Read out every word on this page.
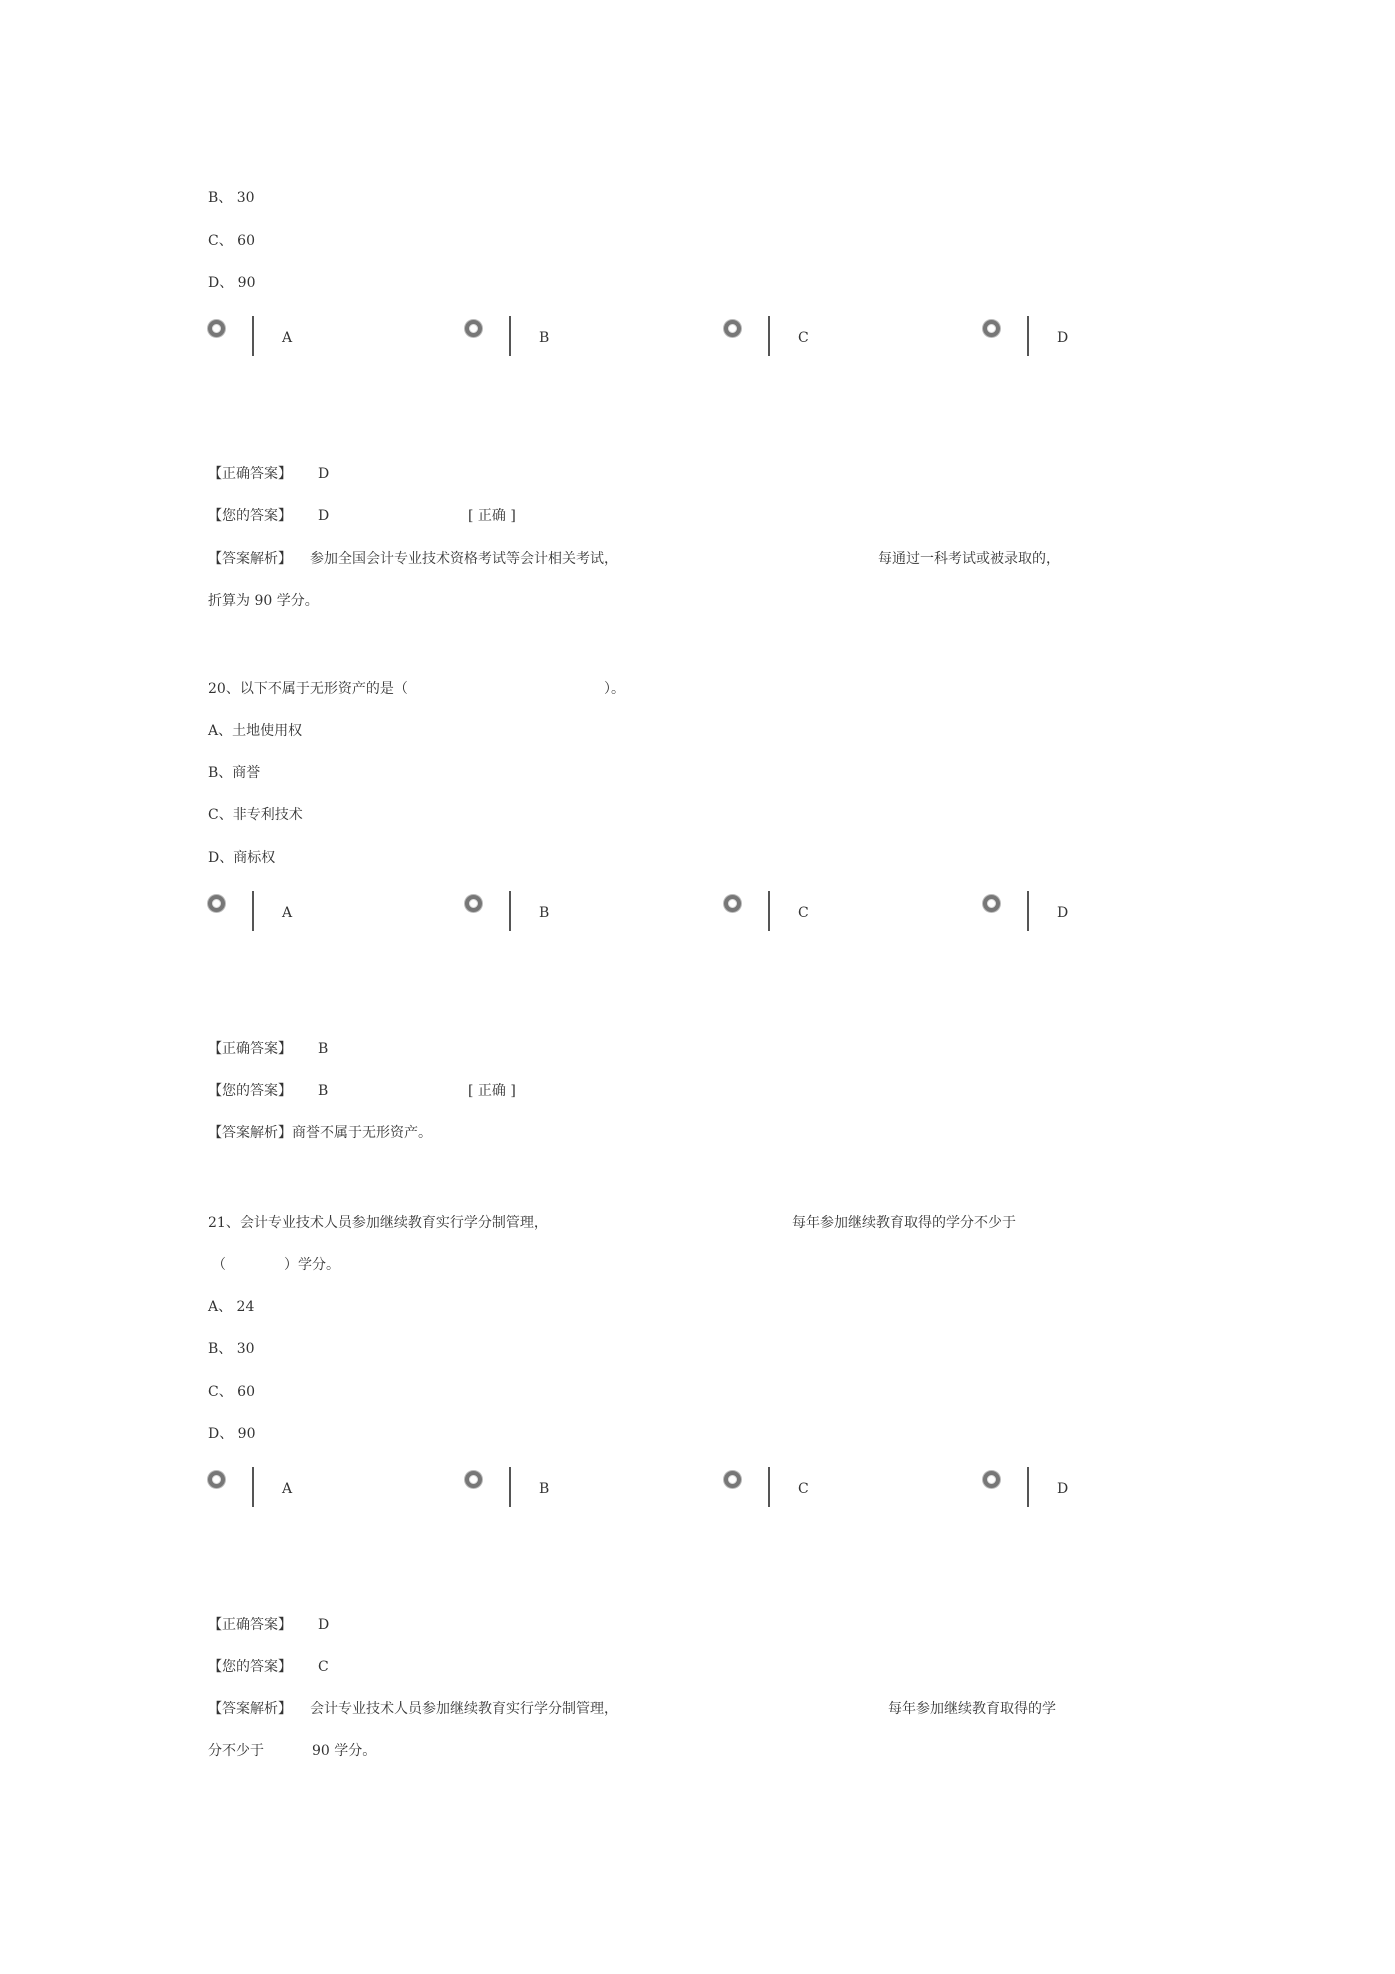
B、 30
C、 60
D、 90
A	B	C	D
【正确答案】 D
【您的答案】 D	[ 正确 ]
【答案解析】 参加全国会计专业技术资格考试等会计相关考试，	每通过一科考试或被录取的，
折算为 90 学分。
20、以下不属于无形资产的是（	）。
A、土地使用权
B、商誉
C、非专利技术
D、商标权
A	B	C	D
【正确答案】 B
【您的答案】 B	[ 正确 ]
【答案解析】商誉不属于无形资产。
21、会计专业技术人员参加继续教育实行学分制管理，	每年参加继续教育取得的学分不少于
（	）学分。
A、 24
B、 30
C、 60
D、 90
A	B	C	D
【正确答案】 D
【您的答案】 C
【答案解析】 会计专业技术人员参加继续教育实行学分制管理，	每年参加继续教育取得的学
分不少于	90 学分。
